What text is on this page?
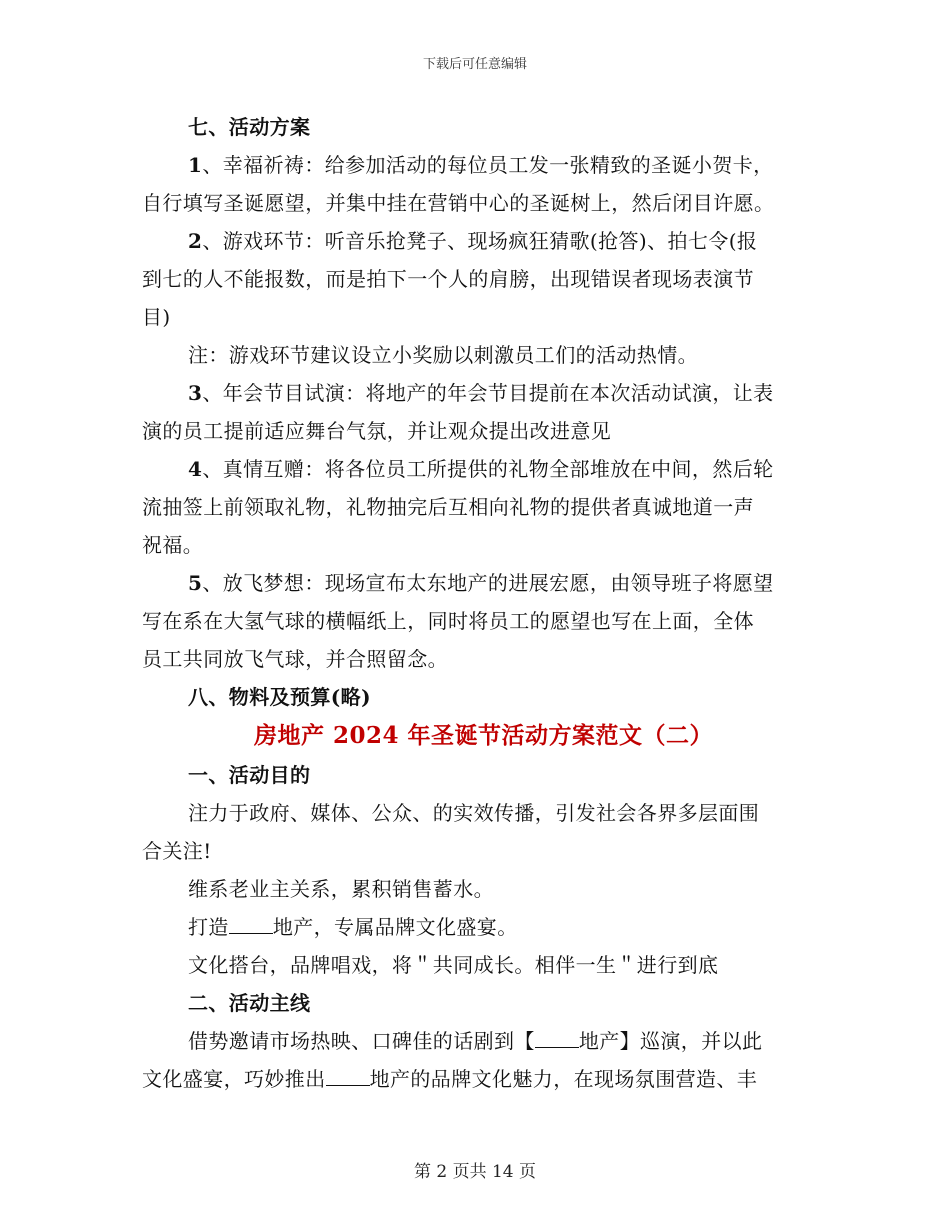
下载后可任意编辑
七、活动方案
1、幸福祈祷：给参加活动的每位员工发一张精致的圣诞小贺卡，
自行填写圣诞愿望，并集中挂在营销中心的圣诞树上，然后闭目许愿。
2、游戏环节：听音乐抢凳子、现场疯狂猜歌(抢答)、拍七令(报
到七的人不能报数，而是拍下一个人的肩膀，出现错误者现场表演节
目)
注：游戏环节建议设立小奖励以刺激员工们的活动热情。
3、年会节目试演：将地产的年会节目提前在本次活动试演，让表
演的员工提前适应舞台气氛，并让观众提出改进意见
4、真情互赠：将各位员工所提供的礼物全部堆放在中间，然后轮
流抽签上前领取礼物，礼物抽完后互相向礼物的提供者真诚地道一声
祝福。
5、放飞梦想：现场宣布太东地产的进展宏愿，由领导班子将愿望
写在系在大氢气球的横幅纸上，同时将员工的愿望也写在上面，全体
员工共同放飞气球，并合照留念。
八、物料及预算(略)
房地产 2024 年圣诞节活动方案范文（二）
一、活动目的
注力于政府、媒体、公众、的实效传播，引发社会各界多层面围
合关注!
维系老业主关系，累积销售蓄水。
打造 地产，专属品牌文化盛宴。
文化搭台，品牌唱戏，将＂共同成长。相伴一生＂进行到底
二、活动主线
借势邀请市场热映、口碑佳的话剧到【 地产】巡演，并以此
文化盛宴，巧妙推出 地产的品牌文化魅力，在现场氛围营造、丰
第 2 页共 14 页
